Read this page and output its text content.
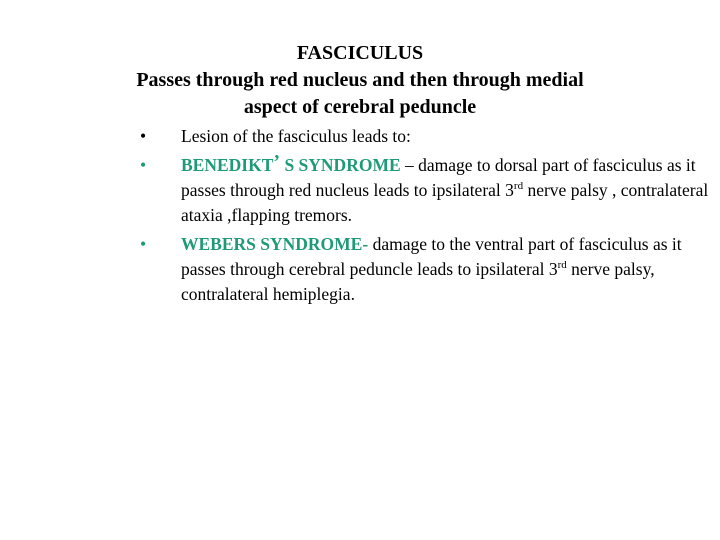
FASCICULUS
Passes through red nucleus and then through medial
aspect of cerebral peduncle
•	Lesion of the fasciculus leads to:
•	BENEDIKT’ S SYNDROME – damage to dorsal part of fasciculus as it passes through red nucleus leads to ipsilateral 3rd nerve palsy , contralateral ataxia ,flapping tremors.
•	WEBERS SYNDROME- damage to the ventral part of fasciculus as it passes through cerebral peduncle leads to ipsilateral 3rd nerve palsy, contralateral hemiplegia.
